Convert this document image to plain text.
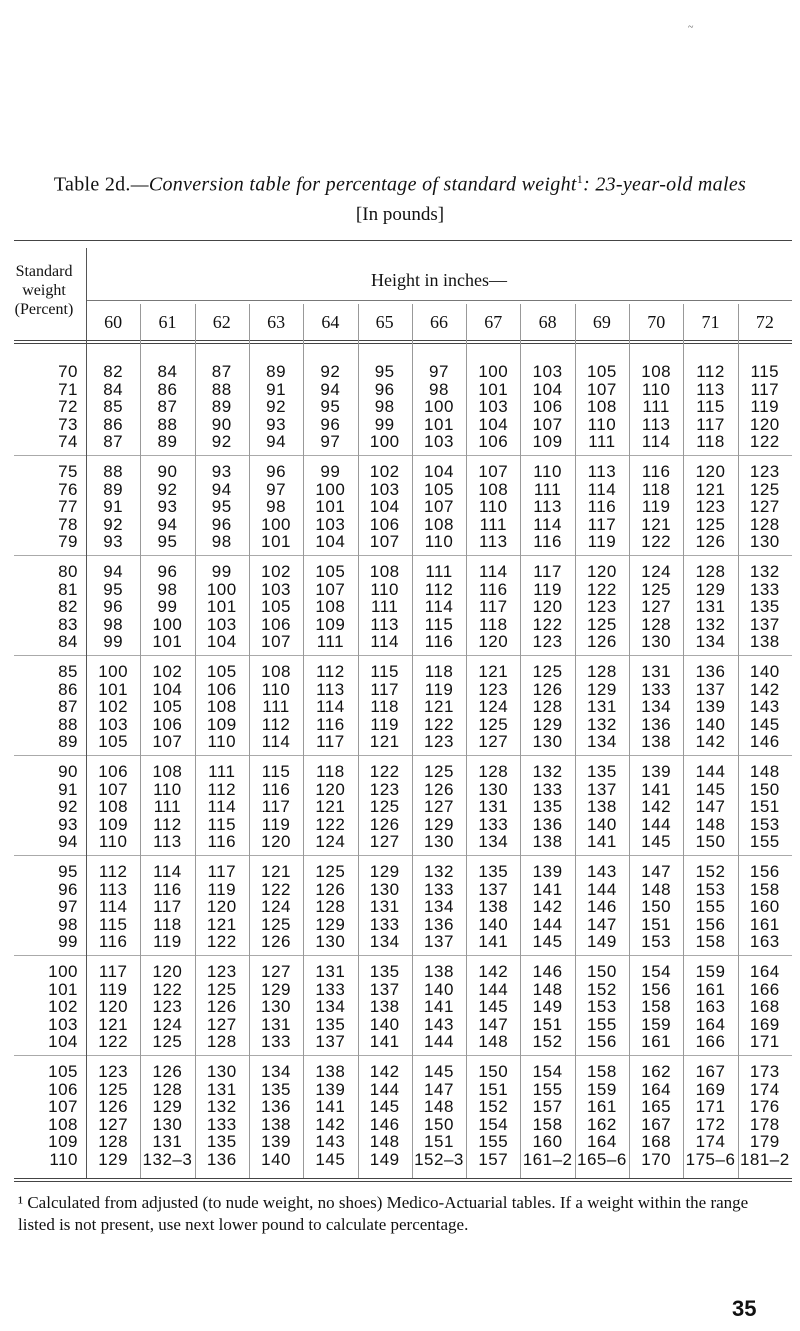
~
Table 2d.—Conversion table for percentage of standard weight$^1$: 23-year-old males
[In pounds]
Standard
weight
(Percent)
Height in inches—
60	61	62	63	64	65	66	67	68	69	70	71	72
70	82	84	87	89	92	95	97	100	103	105	108	112	115
71	84	86	88	91	94	96	98	101	104	107	110	113	117
72	85	87	89	92	95	98	100	103	106	108	111	115	119
73	86	88	90	93	96	99	101	104	107	110	113	117	120
74	87	89	92	94	97	100	103	106	109	111	114	118	122
75	88	90	93	96	99	102	104	107	110	113	116	120	123
76	89	92	94	97	100	103	105	108	111	114	118	121	125
77	91	93	95	98	101	104	107	110	113	116	119	123	127
78	92	94	96	100	103	106	108	111	114	117	121	125	128
79	93	95	98	101	104	107	110	113	116	119	122	126	130
80	94	96	99	102	105	108	111	114	117	120	124	128	132
81	95	98	100	103	107	110	112	116	119	122	125	129	133
82	96	99	101	105	108	111	114	117	120	123	127	131	135
83	98	100	103	106	109	113	115	118	122	125	128	132	137
84	99	101	104	107	111	114	116	120	123	126	130	134	138
85	100	102	105	108	112	115	118	121	125	128	131	136	140
86	101	104	106	110	113	117	119	123	126	129	133	137	142
87	102	105	108	111	114	118	121	124	128	131	134	139	143
88	103	106	109	112	116	119	122	125	129	132	136	140	145
89	105	107	110	114	117	121	123	127	130	134	138	142	146
90	106	108	111	115	118	122	125	128	132	135	139	144	148
91	107	110	112	116	120	123	126	130	133	137	141	145	150
92	108	111	114	117	121	125	127	131	135	138	142	147	151
93	109	112	115	119	122	126	129	133	136	140	144	148	153
94	110	113	116	120	124	127	130	134	138	141	145	150	155
95	112	114	117	121	125	129	132	135	139	143	147	152	156
96	113	116	119	122	126	130	133	137	141	144	148	153	158
97	114	117	120	124	128	131	134	138	142	146	150	155	160
98	115	118	121	125	129	133	136	140	144	147	151	156	161
99	116	119	122	126	130	134	137	141	145	149	153	158	163
100	117	120	123	127	131	135	138	142	146	150	154	159	164
101	119	122	125	129	133	137	140	144	148	152	156	161	166
102	120	123	126	130	134	138	141	145	149	153	158	163	168
103	121	124	127	131	135	140	143	147	151	155	159	164	169
104	122	125	128	133	137	141	144	148	152	156	161	166	171
105	123	126	130	134	138	142	145	150	154	158	162	167	173
106	125	128	131	135	139	144	147	151	155	159	164	169	174
107	126	129	132	136	141	145	148	152	157	161	165	171	176
108	127	130	133	138	142	146	150	154	158	162	167	172	178
109	128	131	135	139	143	148	151	155	160	164	168	174	179
110	129 132–3 136	140	145	149 152–3 157 161–2 165–6 170 175–6 181–2
¹ Calculated from adjusted (to nude weight, no shoes) Medico-Actuarial tables. If a weight within the range listed is not present, use next lower pound to calculate percentage.
35
